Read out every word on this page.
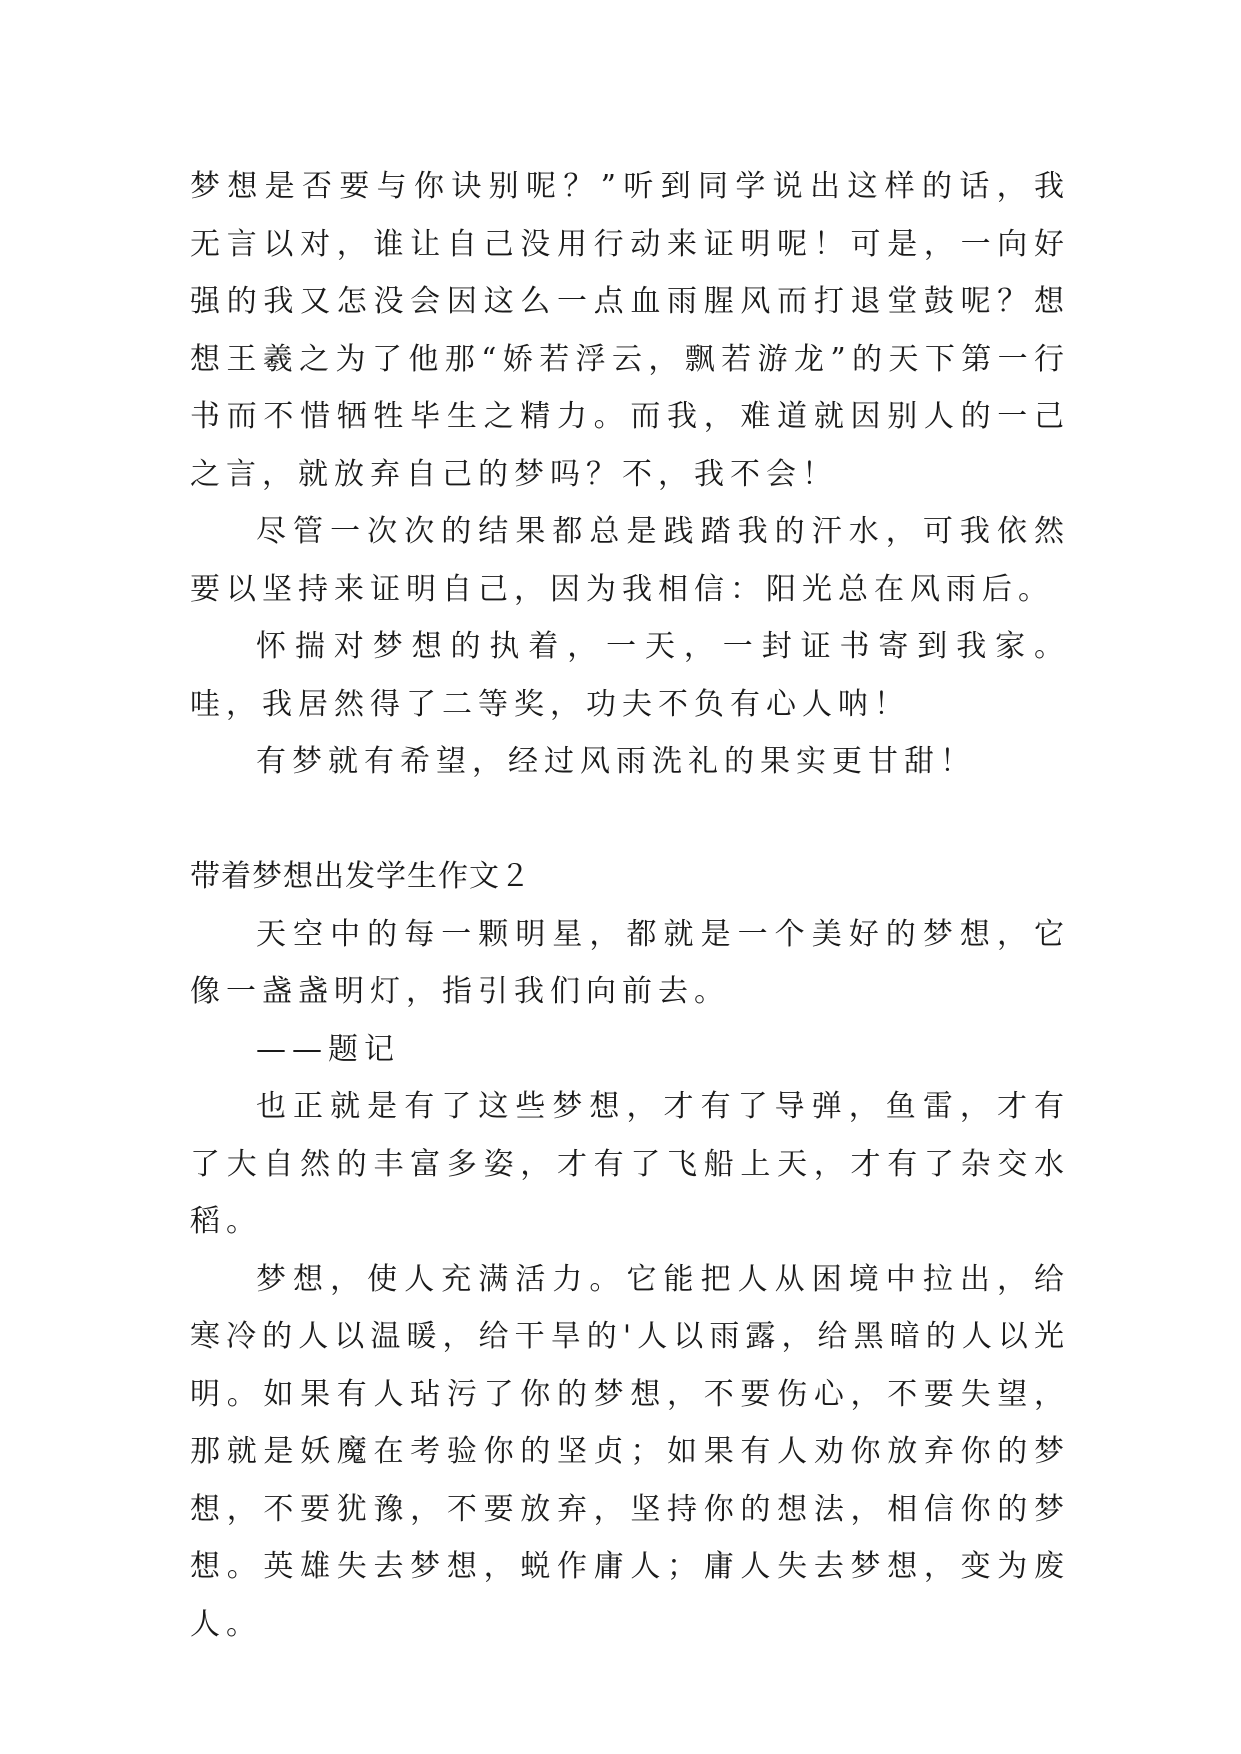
梦想是否要与你诀别呢？”听到同学说出这样的话，我无言以对，谁让自己没用行动来证明呢！可是，一向好强的我又怎没会因这么一点血雨腥风而打退堂鼓呢？想想王羲之为了他那“娇若浮云，飘若游龙”的天下第一行书而不惜牺牲毕生之精力。而我，难道就因别人的一己之言，就放弃自己的梦吗？不，我不会！

尽管一次次的结果都总是践踏我的汗水，可我依然要以坚持来证明自己，因为我相信：阳光总在风雨后。

怀揣对梦想的执着，一天，一封证书寄到我家。哇，我居然得了二等奖，功夫不负有心人呐！

有梦就有希望，经过风雨洗礼的果实更甘甜！

带着梦想出发学生作文２

天空中的每一颗明星，都就是一个美好的梦想，它像一盏盏明灯，指引我们向前去。

——题记

也正就是有了这些梦想，才有了导弹，鱼雷，才有了大自然的丰富多姿，才有了飞船上天，才有了杂交水稻。

梦想，使人充满活力。它能把人从困境中拉出，给寒冷的人以温暖，给干旱的'人以雨露，给黑暗的人以光明。如果有人玷污了你的梦想，不要伤心，不要失望，那就是妖魔在考验你的坚贞；如果有人劝你放弃你的梦想，不要犹豫，不要放弃，坚持你的想法，相信你的梦想。英雄失去梦想，蜕作庸人；庸人失去梦想，变为废人。
